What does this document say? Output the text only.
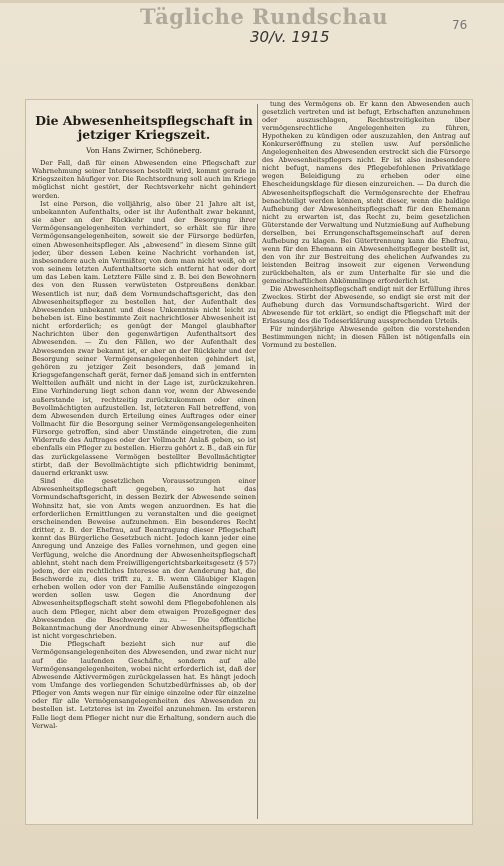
Tägliche Rundschau
30/v. 1915
76
Die Abwesenheitspflegschaft in jetziger Kriegszeit.
Von Hans Zwirner, Schöneberg.

Der Fall, daß für einen Abwesenden eine Pflegschaft zur Wahrnehmung seiner Interessen bestellt wird, kommt gerade in Kriegszeiten häufiger vor. Die Rechtsordnung soll auch im Kriege möglichst nicht gestört, der Rechtsverkehr nicht gehindert werden.

Ist eine Person, die volljährig, also über 21 Jahre alt ist, unbekannten Aufenthalts, oder ist ihr Aufenthalt zwar bekannt, sie aber an der Rückkehr und der Besorgung ihrer Vermögensangelegenheiten verhindert, so erhält sie für ihre Vermögensangelegenheiten, soweit sie der Fürsorge bedürfen, einen Abwesenheitspfleger. Als „abwesend“ in diesem Sinne gilt jeder, über dessen Leben keine Nachricht vorhanden ist, insbesondere auch ein Vermißter, von dem man nicht weiß, ob er von seinem letzten Aufenthaltsorte sich entfernt hat oder dort um das Leben kam. Letztere Fälle sind z. B. bei den Bewohnern des von den Russen verwüsteten Ostpreußens denkbar. Wesentlich ist nur, daß dem Vormundschaftsgericht, das den Abwesenheitspfleger zu bestellen hat, der Aufenthalt des Abwesenden unbekannt und diese Unkenntnis nicht leicht zu beheben ist. Eine bestimmte Zeit nachrichtloser Abwesenheit ist nicht erforderlich; es genügt der Mangel glaubhafter Nachrichten über den gegenwärtigen Aufenthaltsort des Abwesenden. — Zu den Fällen, wo der Aufenthalt des Abwesenden zwar bekannt ist, er aber an der Rückkehr und der Besorgung seiner Vermögensangelegenheiten gehindert ist, gehören zu jetziger Zeit besonders, daß jemand in Kriegsgefangenschaft gerät, ferner daß jemand sich in entfernten Weltteilen aufhält und nicht in der Lage ist, zurückzukehren. Eine Verhinderung liegt schon dann vor, wenn der Abwesende außerstande ist, rechtzeitig zurückzukommen oder einen Bevollmächtigten aufzustellen. Ist, letzteren Fall betreffend, von dem Abwesenden durch Erteilung eines Auftrages oder einer Vollmacht für die Besorgung seiner Vermögensangelegenheiten Fürsorge getroffen, sind aber Umstände eingetreten, die zum Widerrufe des Auftrages oder der Vollmacht Anlaß geben, so ist ebenfalls ein Pfleger zu bestellen. Hierzu gehört z. B., daß ein für das zurückgelassene Vermögen bestellter Bevollmächtigter stirbt, daß der Bevollmächtigte sich pflichtwidrig benimmt, dauernd erkrankt usw.

Sind die gesetzlichen Voraussetzungen einer Abwesenheitspflegschaft gegeben, so hat das Vormundschaftsgericht, in dessen Bezirk der Abwesende seinen Wohnsitz hat, sie von Amts wegen anzuordnen. Es hat die erforderlichen Ermittlungen zu veranstalten und die geeignet erscheinenden Beweise aufzunehmen. Ein besonderes Recht dritter, z. B. der Ehefrau, auf Beantragung dieser Pflegschaft kennt das Bürgerliche Gesetzbuch nicht. Jedoch kann jeder eine Anregung und Anzeige des Falles vornehmen, und gegen eine Verfügung, welche die Anordnung der Abwesenheitspflegschaft ablehnt, steht nach dem Freiwilligengerichtsbarkeitsgesetz (§ 57) jedem, der ein rechtliches Interesse an der Aenderung hat, die Beschwerde zu, dies trifft zu, z. B. wenn Gläubiger Klagen erheben wollen oder von der Familie Außenstände eingezogen werden sollen usw. Gegen die Anordnung der Abwesenheitspflegschaft steht sowohl dem Pflegebefohlenen als auch dem Pfleger, nicht aber dem etwaigen Prozeßgegner des Abwesenden die Beschwerde zu. — Die öffentliche Bekanntmachung der Anordnung einer Abwesenheitspflegschaft ist nicht vorgeschrieben.

Die Pflegschaft bezieht sich nur auf die Vermögensangelegenheiten des Abwesenden, und zwar nicht nur auf die laufenden Geschäfte, sondern auf alle Vermögensangelegenheiten, wobei nicht erforderlich ist, daß der Abwesende Aktivvermögen zurückgelassen hat. Es hängt jedoch vom Umfange des vorliegenden Schutzbedürfnisses ab, ob der Pfleger von Amts wegen nur für einige einzelne oder für einzelne oder für alle Vermögensangelegenheiten des Abwesenden zu bestellen ist. Letzteres ist im Zweifel anzunehmen. Im ersteren Falle liegt dem Pfleger nicht nur die Erhaltung, sondern auch die Verwal-

tung des Vermögens ob. Er kann den Abwesenden auch gesetzlich vertreten und ist befugt, Erbschaften anzunehmen oder auszuschlagen, Rechtsstreitigkeiten über vermögensrechtliche Angelegenheiten zu führen, Hypotheken zu kündigen oder auszuzahlen, den Antrag auf Konkurseröffnung zu stellen usw. Auf persönliche Angelegenheiten des Abwesenden erstreckt sich die Fürsorge des Abwesenheitspflegers nicht. Er ist also insbesondere nicht befugt, namens des Pflegebefohlenen Privatklage wegen Beleidigung zu erheben oder eine Ehescheidungsklage für diesen einzureichen. — Da durch die Abwesenheitspflegschaft die Vermögensrechte der Ehefrau benachteiligt werden können, steht dieser, wenn die baldige Aufhebung der Abwesenheitspflegschaft für den Ehemann nicht zu erwarten ist, das Recht zu, beim gesetzlichen Güterstande der Verwaltung und Nutznießung auf Aufhebung derselben, bei Errungenschaftsgemeinschaft auf deren Aufhebung zu klagen. Bei Gütertrennung kann die Ehefrau, wenn für den Ehemann ein Abwesenheitspfleger bestellt ist, den von ihr zur Bestreitung des ehelichen Aufwandes zu leistenden Beitrag insoweit zur eigenen Verwendung zurückbehalten, als er zum Unterhalte für sie und die gemeinschaftlichen Abkömmlinge erforderlich ist.

Die Abwesenheitspflegschaft endigt mit der Erfüllung ihres Zweckes. Stirbt der Abwesende, so endigt sie erst mit der Aufhebung durch das Vormundschaftsgericht. Wird der Abwesende für tot erklärt, so endigt die Pflegschaft mit der Erlassung des die Todeserklärung aussprechenden Urteils.

Für minderjährige Abwesende gelten die vorstehenden Bestimmungen nicht; in diesen Fällen ist nötigenfalls ein Vormund zu bestellen.
